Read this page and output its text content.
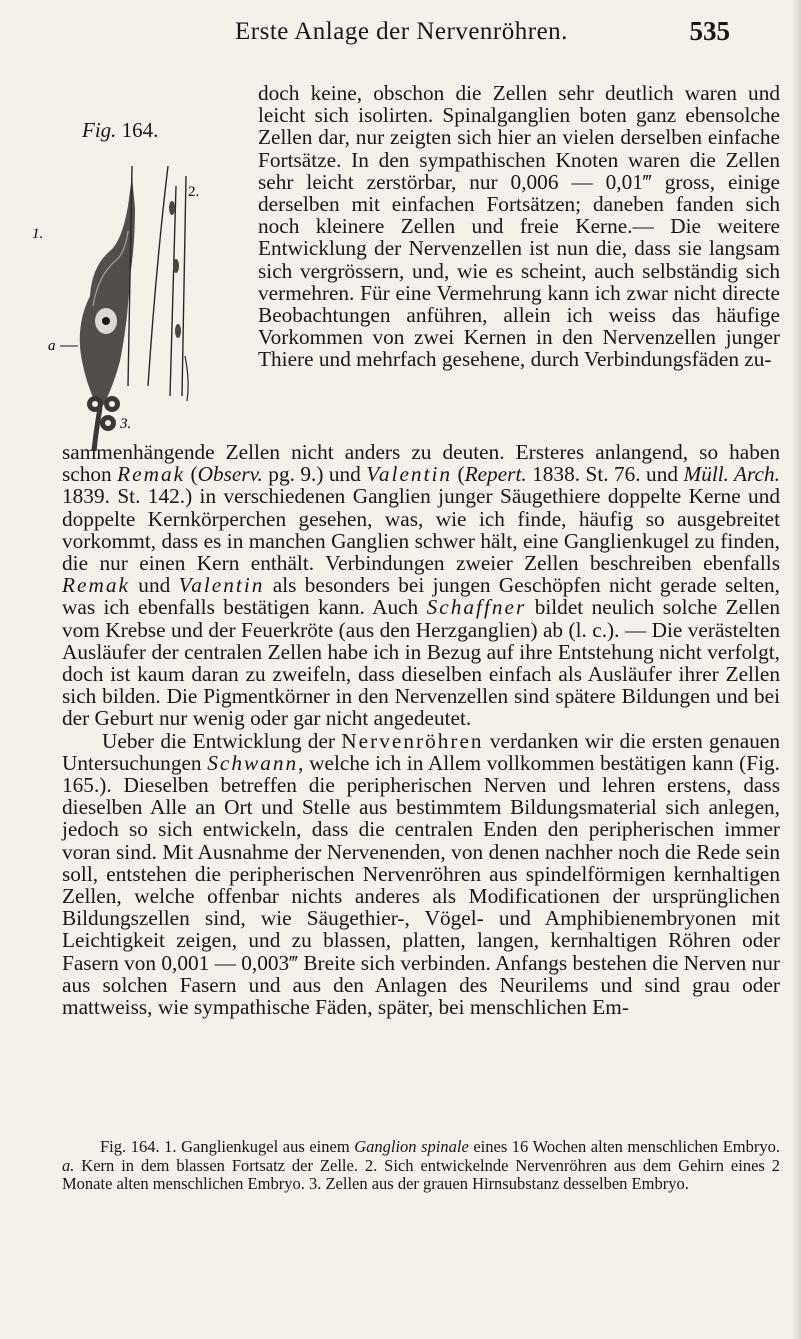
Erste Anlage der Nervenröhren.	535
Fig. 164.
1.
2.
3.
a
doch keine, obschon die Zellen sehr deutlich waren und leicht sich isolirten. Spinalganglien boten ganz ebensolche Zellen dar, nur zeigten sich hier an vielen derselben einfache Fortsätze. In den sympathischen Knoten waren die Zellen sehr leicht zerstörbar, nur 0,006 — 0,01‴ gross, einige derselben mit einfachen Fortsätzen; daneben fanden sich noch kleinere Zellen und freie Kerne.— Die weitere Entwicklung der Nervenzellen ist nun die, dass sie langsam sich vergrössern, und, wie es scheint, auch selbständig sich vermehren. Für eine Vermehrung kann ich zwar nicht directe Beobachtungen anführen, allein ich weiss das häufige Vorkommen von zwei Kernen in den Nervenzellen junger Thiere und mehrfach gesehene, durch Verbindungsfäden zu-
sammenhängende Zellen nicht anders zu deuten. Ersteres anlangend, so haben schon Remak (Observ. pg. 9.) und Valentin (Repert. 1838. St. 76. und Müll. Arch. 1839. St. 142.) in verschiedenen Ganglien junger Säugethiere doppelte Kerne und doppelte Kernkörperchen gesehen, was, wie ich finde, häufig so ausgebreitet vorkommt, dass es in manchen Ganglien schwer hält, eine Ganglienkugel zu finden, die nur einen Kern enthält. Verbindungen zweier Zellen beschreiben ebenfalls Remak und Valentin als besonders bei jungen Geschöpfen nicht gerade selten, was ich ebenfalls bestätigen kann. Auch Schaffner bildet neulich solche Zellen vom Krebse und der Feuerkröte (aus den Herzganglien) ab (l. c.). — Die verästelten Ausläufer der centralen Zellen habe ich in Bezug auf ihre Entstehung nicht verfolgt, doch ist kaum daran zu zweifeln, dass dieselben einfach als Ausläufer ihrer Zellen sich bilden. Die Pigmentkörner in den Nervenzellen sind spätere Bildungen und bei der Geburt nur wenig oder gar nicht angedeutet.
Ueber die Entwicklung der Nervenröhren verdanken wir die ersten genauen Untersuchungen Schwann, welche ich in Allem vollkommen bestätigen kann (Fig. 165.). Dieselben betreffen die peripherischen Nerven und lehren erstens, dass dieselben Alle an Ort und Stelle aus bestimmtem Bildungsmaterial sich anlegen, jedoch so sich entwickeln, dass die centralen Enden den peripherischen immer voran sind. Mit Ausnahme der Nervenenden, von denen nachher noch die Rede sein soll, entstehen die peripherischen Nervenröhren aus spindelförmigen kernhaltigen Zellen, welche offenbar nichts anderes als Modificationen der ursprünglichen Bildungszellen sind, wie Säugethier-, Vögel- und Amphibienembryonen mit Leichtigkeit zeigen, und zu blassen, platten, langen, kernhaltigen Röhren oder Fasern von 0,001 — 0,003‴ Breite sich verbinden. Anfangs bestehen die Nerven nur aus solchen Fasern und aus den Anlagen des Neurilems und sind grau oder mattweiss, wie sympathische Fäden, später, bei menschlichen Em-
Fig. 164. 1. Ganglienkugel aus einem Ganglion spinale eines 16 Wochen alten menschlichen Embryo. a. Kern in dem blassen Fortsatz der Zelle. 2. Sich entwickelnde Nervenröhren aus dem Gehirn eines 2 Monate alten menschlichen Embryo. 3. Zellen aus der grauen Hirnsubstanz desselben Embryo.
